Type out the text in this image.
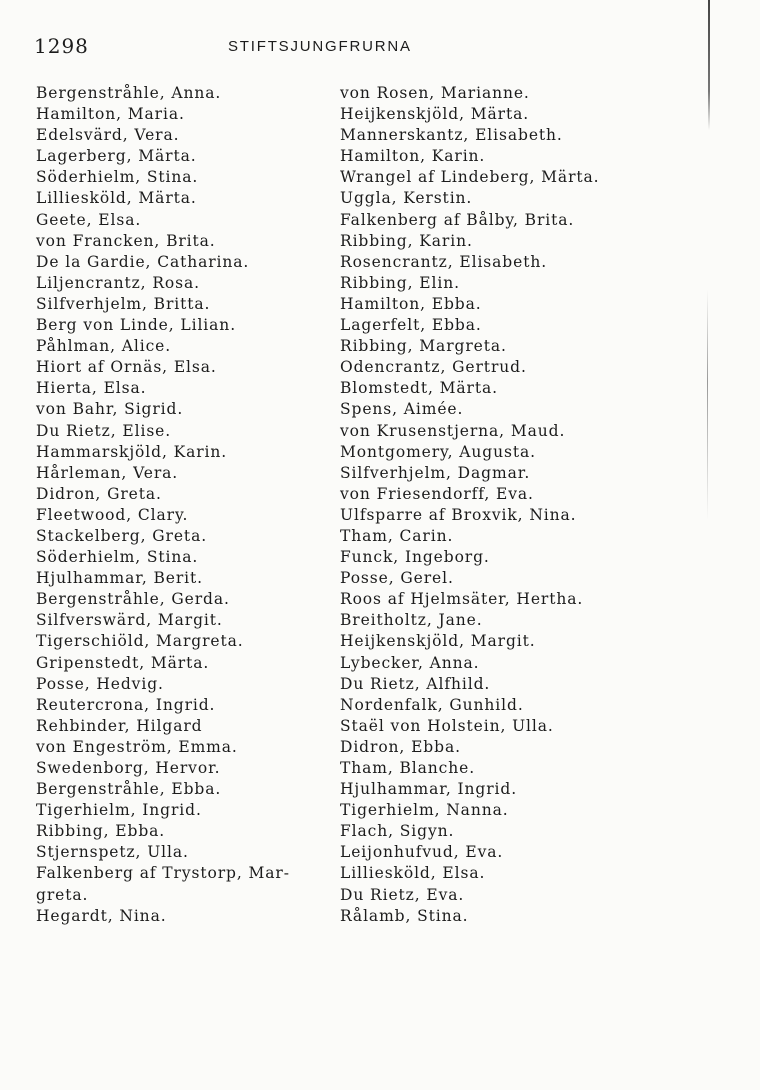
1298	STIFTSJUNGFRURNA
Bergenstråhle, Anna.
Hamilton, Maria.
Edelsvärd, Vera.
Lagerberg, Märta.
Söderhielm, Stina.
Lilliesköld, Märta.
Geete, Elsa.
von Francken, Brita.
De la Gardie, Catharina.
Liljencrantz, Rosa.
Silfverhjelm, Britta.
Berg von Linde, Lilian.
Påhlman, Alice.
Hiort af Ornäs, Elsa.
Hierta, Elsa.
von Bahr, Sigrid.
Du Rietz, Elise.
Hammarskjöld, Karin.
Hårleman, Vera.
Didron, Greta.
Fleetwood, Clary.
Stackelberg, Greta.
Söderhielm, Stina.
Hjulhammar, Berit.
Bergenstråhle, Gerda.
Silfverswärd, Margit.
Tigerschiöld, Margreta.
Gripenstedt, Märta.
Posse, Hedvig.
Reutercrona, Ingrid.
Rehbinder, Hilgard
von Engeström, Emma.
Swedenborg, Hervor.
Bergenstråhle, Ebba.
Tigerhielm, Ingrid.
Ribbing, Ebba.
Stjernspetz, Ulla.
Falkenberg af Trystorp, Mar-
greta.
Hegardt, Nina.
von Rosen, Marianne.
Heijkenskjöld, Märta.
Mannerskantz, Elisabeth.
Hamilton, Karin.
Wrangel af Lindeberg, Märta.
Uggla, Kerstin.
Falkenberg af Bålby, Brita.
Ribbing, Karin.
Rosencrantz, Elisabeth.
Ribbing, Elin.
Hamilton, Ebba.
Lagerfelt, Ebba.
Ribbing, Margreta.
Odencrantz, Gertrud.
Blomstedt, Märta.
Spens, Aimée.
von Krusenstjerna, Maud.
Montgomery, Augusta.
Silfverhjelm, Dagmar.
von Friesendorff, Eva.
Ulfsparre af Broxvik, Nina.
Tham, Carin.
Funck, Ingeborg.
Posse, Gerel.
Roos af Hjelmsäter, Hertha.
Breitholtz, Jane.
Heijkenskjöld, Margit.
Lybecker, Anna.
Du Rietz, Alfhild.
Nordenfalk, Gunhild.
Staël von Holstein, Ulla.
Didron, Ebba.
Tham, Blanche.
Hjulhammar, Ingrid.
Tigerhielm, Nanna.
Flach, Sigyn.
Leijonhufvud, Eva.
Lilliesköld, Elsa.
Du Rietz, Eva.
Rålamb, Stina.
